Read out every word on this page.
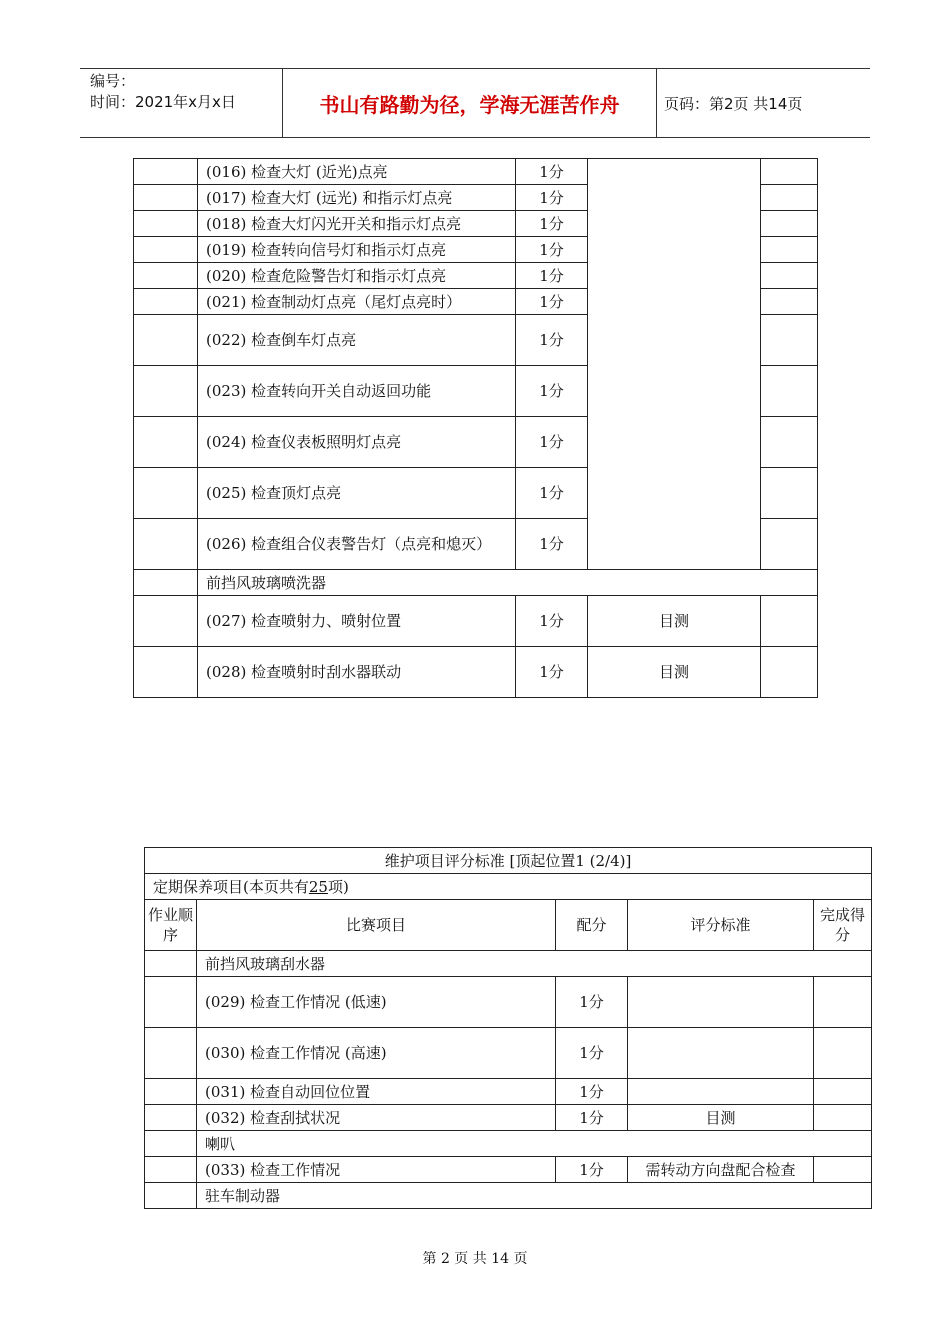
编号：
时间：2021年x月x日	书山有路勤为径，学海无涯苦作舟	页码：第2页 共14页
	(016) 检查大灯 (近光)点亮	1分		
	(017) 检查大灯 (远光) 和指示灯点亮	1分		
	(018) 检查大灯闪光开关和指示灯点亮	1分		
	(019) 检查转向信号灯和指示灯点亮	1分		
	(020) 检查危险警告灯和指示灯点亮	1分		
	(021) 检查制动灯点亮（尾灯点亮时）	1分		
	(022) 检查倒车灯点亮	1分		
	(023) 检查转向开关自动返回功能	1分		
	(024) 检查仪表板照明灯点亮	1分		
	(025) 检查顶灯点亮	1分		
	(026) 检查组合仪表警告灯（点亮和熄灭）	1分		
	前挡风玻璃喷洗器			
	(027) 检查喷射力、喷射位置	1分	目测	
	(028) 检查喷射时刮水器联动	1分	目测	
维护项目评分标准 [顶起位置1 (2/4)]				
定期保养项目(本页共有25项)				
作业顺序	比赛项目	配分	评分标准	完成得分
	前挡风玻璃刮水器			
	(029) 检查工作情况 (低速)	1分		
	(030) 检查工作情况 (高速)	1分		
	(031) 检查自动回位位置	1分		
	(032) 检查刮拭状况	1分	目测	
	喇叭			
	(033) 检查工作情况	1分	需转动方向盘配合检查	
	驻车制动器			
第 2 页 共 14 页
